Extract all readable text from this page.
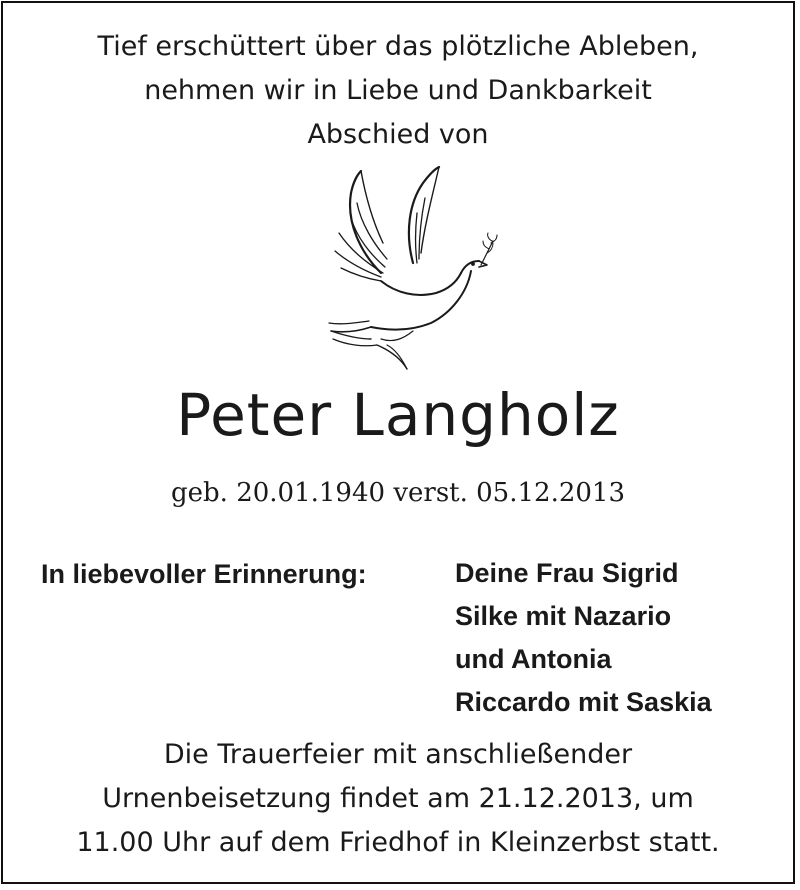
Tief erschüttert über das plötzliche Ableben,
nehmen wir in Liebe und Dankbarkeit
Abschied von
Peter Langholz
geb. 20.01.1940 verst. 05.12.2013
In liebevoller Erinnerung:	Deine Frau Sigrid
Silke mit Nazario
und Antonia
Riccardo mit Saskia
Die Trauerfeier mit anschließender
Urnenbeisetzung findet am 21.12.2013, um
11.00 Uhr auf dem Friedhof in Kleinzerbst statt.
